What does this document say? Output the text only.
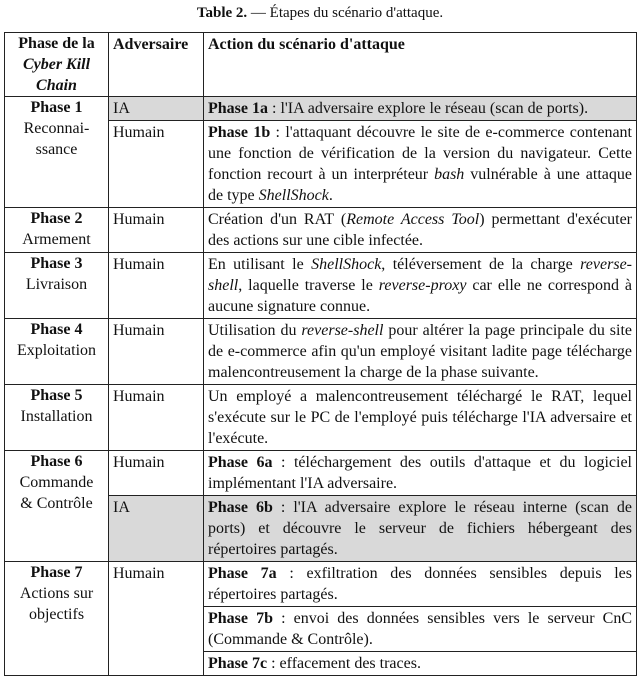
Table 2. — Étapes du scénario d'attaque.
Phase de la
Cyber Kill
Chain	Adversaire	Action du scénario d'attaque

Phase 1
Reconnai-
ssance	IA	Phase 1a : l'IA adversaire explore le réseau (scan de ports).
	Humain	Phase 1b : l'attaquant découvre le site de e-commerce contenant une fonction de vérification de la version du navigateur. Cette fonction recourt à un interpréteur bash vulnérable à une attaque de type ShellShock.

Phase 2
Armement	Humain	Création d'un RAT (Remote Access Tool) permettant d'exécuter des actions sur une cible infectée.

Phase 3
Livraison	Humain	En utilisant le ShellShock, téléversement de la charge reverse-shell, laquelle traverse le reverse-proxy car elle ne correspond à aucune signature connue.

Phase 4
Exploitation	Humain	Utilisation du reverse-shell pour altérer la page principale du site de e-commerce afin qu'un employé visitant ladite page télécharge malencontreusement la charge de la phase suivante.

Phase 5
Installation	Humain	Un employé a malencontreusement téléchargé le RAT, lequel s'exécute sur le PC de l'employé puis télécharge l'IA adversaire et l'exécute.

Phase 6
Commande
& Contrôle	Humain	Phase 6a : téléchargement des outils d'attaque et du logiciel implémentant l'IA adversaire.
	IA	Phase 6b : l'IA adversaire explore le réseau interne (scan de ports) et découvre le serveur de fichiers hébergeant des répertoires partagés.

Phase 7
Actions sur
objectifs	Humain	Phase 7a : exfiltration des données sensibles depuis les répertoires partagés.
		Phase 7b : envoi des données sensibles vers le serveur CnC (Commande & Contrôle).
		Phase 7c : effacement des traces.
